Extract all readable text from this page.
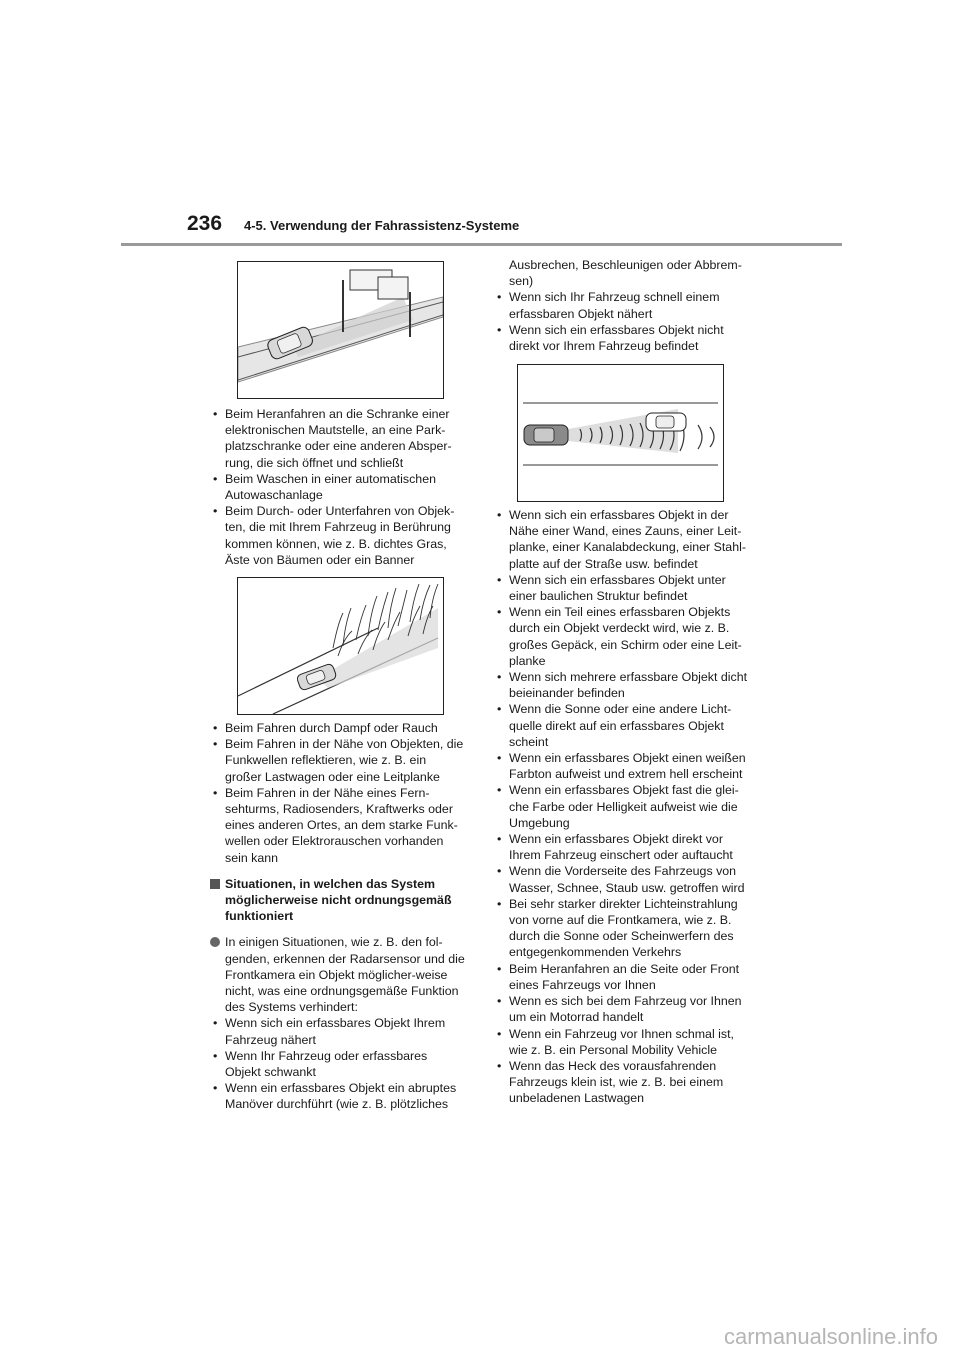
236 4-5. Verwendung der Fahrassistenz-Systeme
• Beim Heranfahren an die Schranke einer elektronischen Mautstelle, an eine Park-platzschranke oder eine anderen Absper-rung, die sich öffnet und schließt
• Beim Waschen in einer automatischen Autowaschanlage
• Beim Durch- oder Unterfahren von Objek-ten, die mit Ihrem Fahrzeug in Berührung kommen können, wie z. B. dichtes Gras, Äste von Bäumen oder ein Banner
• Beim Fahren durch Dampf oder Rauch
• Beim Fahren in der Nähe von Objekten, die Funkwellen reflektieren, wie z. B. ein großer Lastwagen oder eine Leitplanke
• Beim Fahren in der Nähe eines Fern-sehturms, Radiosenders, Kraftwerks oder eines anderen Ortes, an dem starke Funk-wellen oder Elektrorauschen vorhanden sein kann
Situationen, in welchen das System möglicherweise nicht ordnungsgemäß funktioniert
In einigen Situationen, wie z. B. den fol-genden, erkennen der Radarsensor und die Frontkamera ein Objekt möglicher-weise nicht, was eine ordnungsgemäße Funktion des Systems verhindert:
• Wenn sich ein erfassbares Objekt Ihrem Fahrzeug nähert
• Wenn Ihr Fahrzeug oder erfassbares Objekt schwankt
• Wenn ein erfassbares Objekt ein abruptes Manöver durchführt (wie z. B. plötzliches
Ausbrechen, Beschleunigen oder Abbrem-sen)
• Wenn sich Ihr Fahrzeug schnell einem erfassbaren Objekt nähert
• Wenn sich ein erfassbares Objekt nicht direkt vor Ihrem Fahrzeug befindet
• Wenn sich ein erfassbares Objekt in der Nähe einer Wand, eines Zauns, einer Leit-planke, einer Kanalabdeckung, einer Stahl-platte auf der Straße usw. befindet
• Wenn sich ein erfassbares Objekt unter einer baulichen Struktur befindet
• Wenn ein Teil eines erfassbaren Objekts durch ein Objekt verdeckt wird, wie z. B. großes Gepäck, ein Schirm oder eine Leit-planke
• Wenn sich mehrere erfassbare Objekt dicht beieinander befinden
• Wenn die Sonne oder eine andere Licht-quelle direkt auf ein erfassbares Objekt scheint
• Wenn ein erfassbares Objekt einen weißen Farbton aufweist und extrem hell erscheint
• Wenn ein erfassbares Objekt fast die glei-che Farbe oder Helligkeit aufweist wie die Umgebung
• Wenn ein erfassbares Objekt direkt vor Ihrem Fahrzeug einschert oder auftaucht
• Wenn die Vorderseite des Fahrzeugs von Wasser, Schnee, Staub usw. getroffen wird
• Bei sehr starker direkter Lichteinstrahlung von vorne auf die Frontkamera, wie z. B. durch die Sonne oder Scheinwerfern des entgegenkommenden Verkehrs
• Beim Heranfahren an die Seite oder Front eines Fahrzeugs vor Ihnen
• Wenn es sich bei dem Fahrzeug vor Ihnen um ein Motorrad handelt
• Wenn ein Fahrzeug vor Ihnen schmal ist, wie z. B. ein Personal Mobility Vehicle
• Wenn das Heck des vorausfahrenden Fahrzeugs klein ist, wie z. B. bei einem unbeladenen Lastwagen
carmanualsonline.info
